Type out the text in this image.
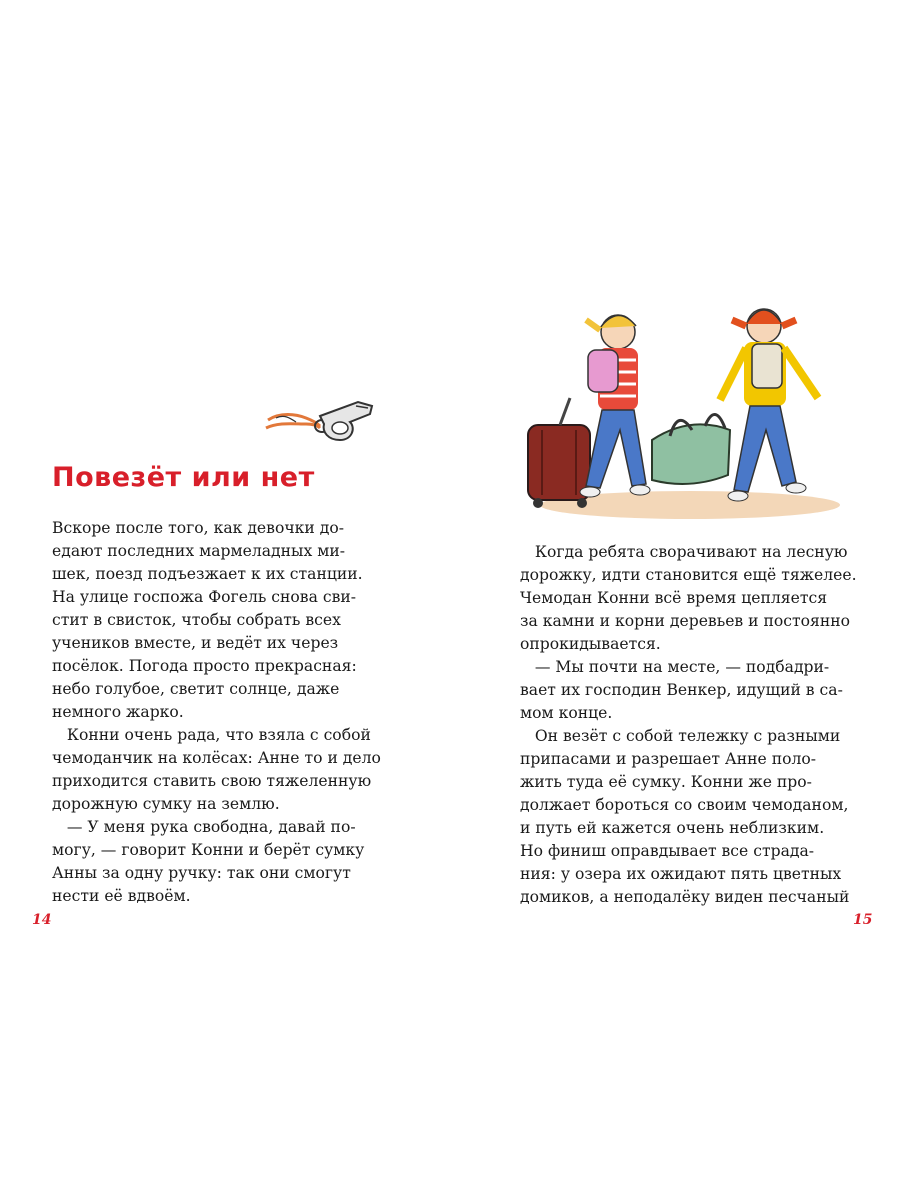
Повезёт или нет
Вскоре после того, как девочки до-
едают последних мармеладных ми-
шек, поезд подъезжает к их станции.
На улице госпожа Фогель снова сви-
стит в свисток, чтобы собрать всех
учеников вместе, и ведёт их через
посёлок. Погода просто прекрасная:
небо голубое, светит солнце, даже
немного жарко.
Конни очень рада, что взяла с собой
чемоданчик на колёсах: Анне то и дело
приходится ставить свою тяжеленную
дорожную сумку на землю.
— У меня рука свободна, давай по-
могу, — говорит Конни и берёт сумку
Анны за одну ручку: так они смогут
нести её вдвоём.
14
Когда ребята сворачивают на лесную
дорожку, идти становится ещё тяжелее.
Чемодан Конни всё время цепляется
за камни и корни деревьев и постоянно
опрокидывается.
— Мы почти на месте, — подбадри-
вает их господин Венкер, идущий в са-
мом конце.
Он везёт с собой тележку с разными
припасами и разрешает Анне поло-
жить туда её сумку. Конни же про-
должает бороться со своим чемоданом,
и путь ей кажется очень неблизким.
Но финиш оправдывает все страда-
ния: у озера их ожидают пять цветных
домиков, а неподалёку виден песчаный
15
